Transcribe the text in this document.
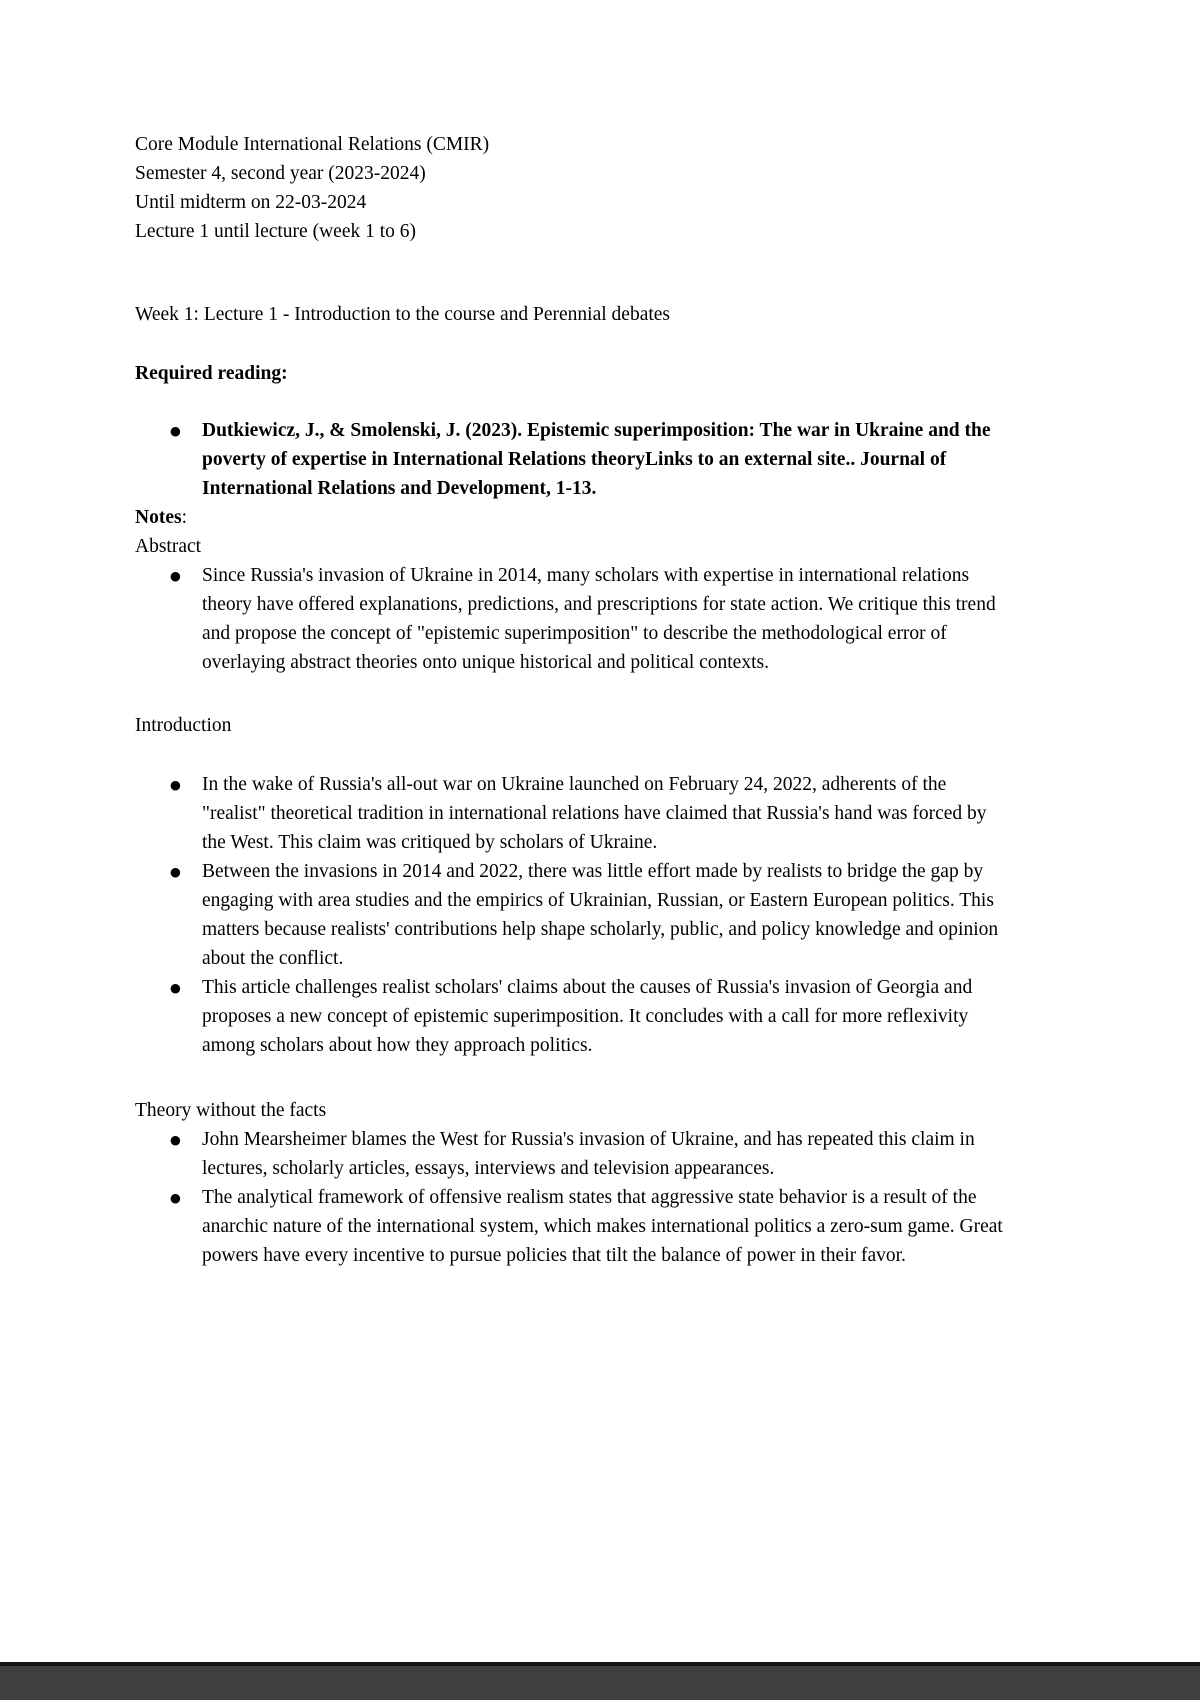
Core Module International Relations (CMIR)

Semester 4, second year (2023-2024)

Until midterm on 22-03-2024

Lecture 1 until lecture (week 1 to 6)

Week 1: Lecture 1 - Introduction to the course and Perennial debates

Required reading:

●	Dutkiewicz, J., & Smolenski, J. (2023). Epistemic superimposition: The war in Ukraine and the poverty of expertise in International Relations theoryLinks to an external site.. Journal of International Relations and Development, 1-13.

Notes:

Abstract

●	Since Russia's invasion of Ukraine in 2014, many scholars with expertise in international relations theory have offered explanations, predictions, and prescriptions for state action. We critique this trend and propose the concept of "epistemic superimposition" to describe the methodological error of overlaying abstract theories onto unique historical and political contexts.

Introduction

●	In the wake of Russia's all-out war on Ukraine launched on February 24, 2022, adherents of the "realist" theoretical tradition in international relations have claimed that Russia's hand was forced by the West. This claim was critiqued by scholars of Ukraine.
●	Between the invasions in 2014 and 2022, there was little effort made by realists to bridge the gap by engaging with area studies and the empirics of Ukrainian, Russian, or Eastern European politics. This matters because realists' contributions help shape scholarly, public, and policy knowledge and opinion about the conflict.
●	This article challenges realist scholars' claims about the causes of Russia's invasion of Georgia and proposes a new concept of epistemic superimposition. It concludes with a call for more reflexivity among scholars about how they approach politics.

Theory without the facts

●	John Mearsheimer blames the West for Russia's invasion of Ukraine, and has repeated this claim in lectures, scholarly articles, essays, interviews and television appearances.
●	The analytical framework of offensive realism states that aggressive state behavior is a result of the anarchic nature of the international system, which makes international politics a zero-sum game. Great powers have every incentive to pursue policies that tilt the balance of power in their favor.
